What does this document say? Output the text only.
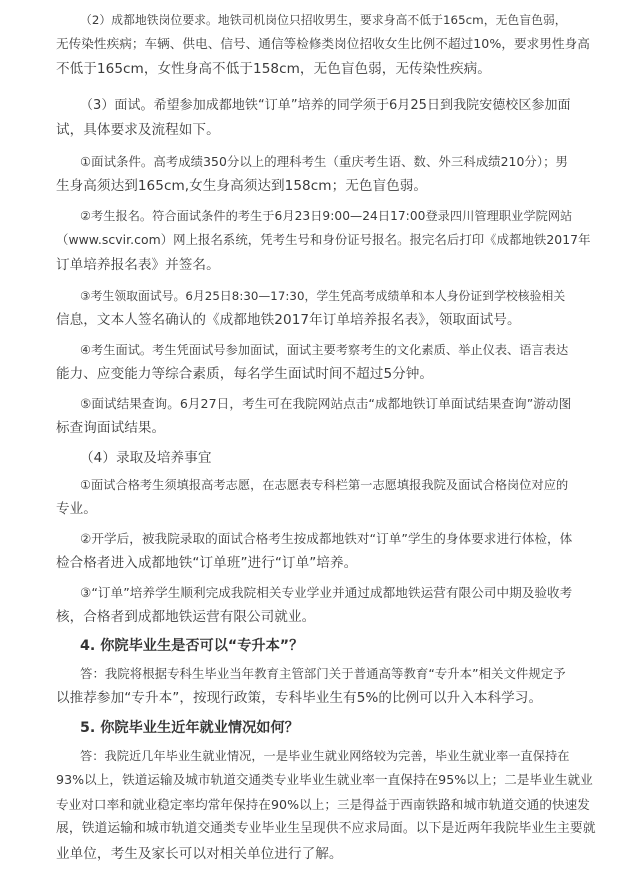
（2）成都地铁岗位要求。地铁司机岗位只招收男生，要求身高不低于165cm，无色盲色弱，
无传染性疾病；车辆、供电、信号、通信等检修类岗位招收女生比例不超过10%，要求男性身高
不低于165cm，女性身高不低于158cm，无色盲色弱，无传染性疾病。
（3）面试。希望参加成都地铁“订单”培养的同学须于6月25日到我院安德校区参加面
试，具体要求及流程如下。
①面试条件。高考成绩350分以上的理科考生（重庆考生语、数、外三科成绩210分）；男
生身高须达到165cm,女生身高须达到158cm；无色盲色弱。
②考生报名。符合面试条件的考生于6月23日9:00—24日17:00登录四川管理职业学院网站
（www.scvir.com）网上报名系统，凭考生号和身份证号报名。报完名后打印《成都地铁2017年
订单培养报名表》并签名。
③考生领取面试号。6月25日8:30—17:30，学生凭高考成绩单和本人身份证到学校核验相关
信息，文本人签名确认的《成都地铁2017年订单培养报名表》，领取面试号。
④考生面试。考生凭面试号参加面试，面试主要考察考生的文化素质、举止仪表、语言表达
能力、应变能力等综合素质，每名学生面试时间不超过5分钟。
⑤面试结果查询。6月27日，考生可在我院网站点击“成都地铁订单面试结果查询”游动图
标查询面试结果。
（4）录取及培养事宜
①面试合格考生须填报高考志愿，在志愿表专科栏第一志愿填报我院及面试合格岗位对应的
专业。
②开学后，被我院录取的面试合格考生按成都地铁对“订单”学生的身体要求进行体检，体
检合格者进入成都地铁“订单班”进行“订单”培养。
③“订单”培养学生顺利完成我院相关专业学业并通过成都地铁运营有限公司中期及验收考
核，合格者到成都地铁运营有限公司就业。
4. 你院毕业生是否可以“专升本”？
答：我院将根据专科生毕业当年教育主管部门关于普通高等教育“专升本”相关文件规定予
以推荐参加“专升本”，按现行政策，专科毕业生有5%的比例可以升入本科学习。
5. 你院毕业生近年就业情况如何？
答：我院近几年毕业生就业情况，一是毕业生就业网络较为完善，毕业生就业率一直保持在
93%以上，铁道运输及城市轨道交通类专业毕业生就业率一直保持在95%以上；二是毕业生就业
专业对口率和就业稳定率均常年保持在90%以上；三是得益于西南铁路和城市轨道交通的快速发
展，铁道运输和城市轨道交通类专业毕业生呈现供不应求局面。以下是近两年我院毕业生主要就
业单位，考生及家长可以对相关单位进行了解。
